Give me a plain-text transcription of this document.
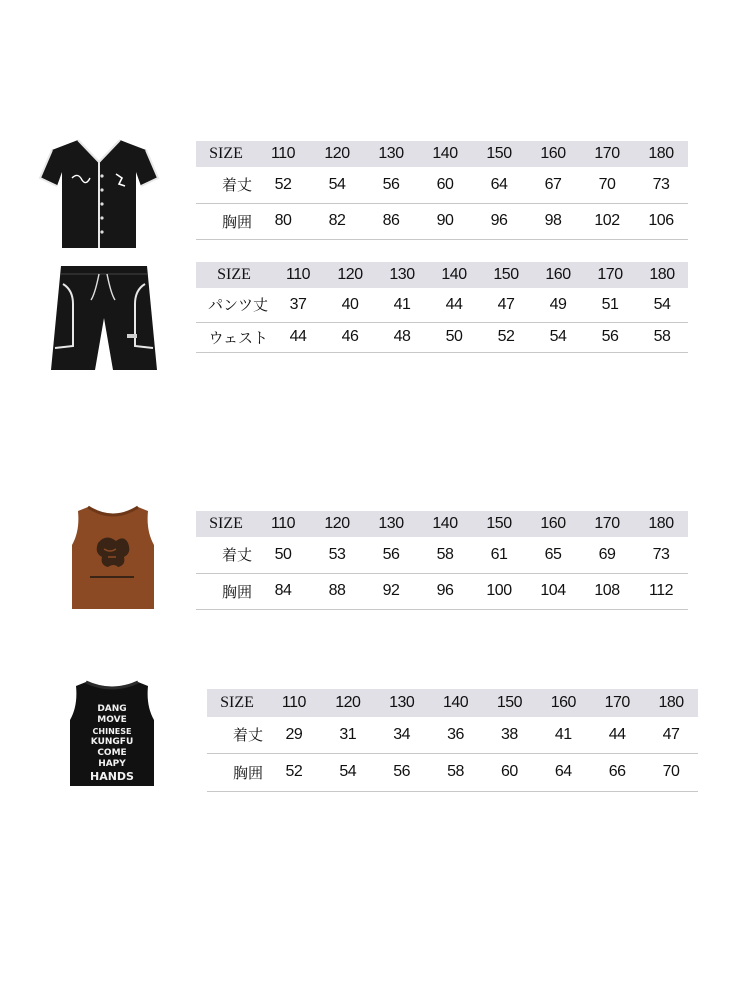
SIZE	110	120	130	140	150	160	170	180
着丈	52	54	56	60	64	67	70	73
胸囲	80	82	86	90	96	98	102	106
SIZE	110	120	130	140	150	160	170	180
パンツ丈	37	40	41	44	47	49	51	54
ウェスト	44	46	48	50	52	54	56	58
SIZE	110	120	130	140	150	160	170	180
着丈	50	53	56	58	61	65	69	73
胸囲	84	88	92	96	100	104	108	112
DANG
MOVE
CHINESE
KUNGFU
COME
HAPY
HANDS
SIZE	110	120	130	140	150	160	170	180
着丈	29	31	34	36	38	41	44	47
胸囲	52	54	56	58	60	64	66	70
